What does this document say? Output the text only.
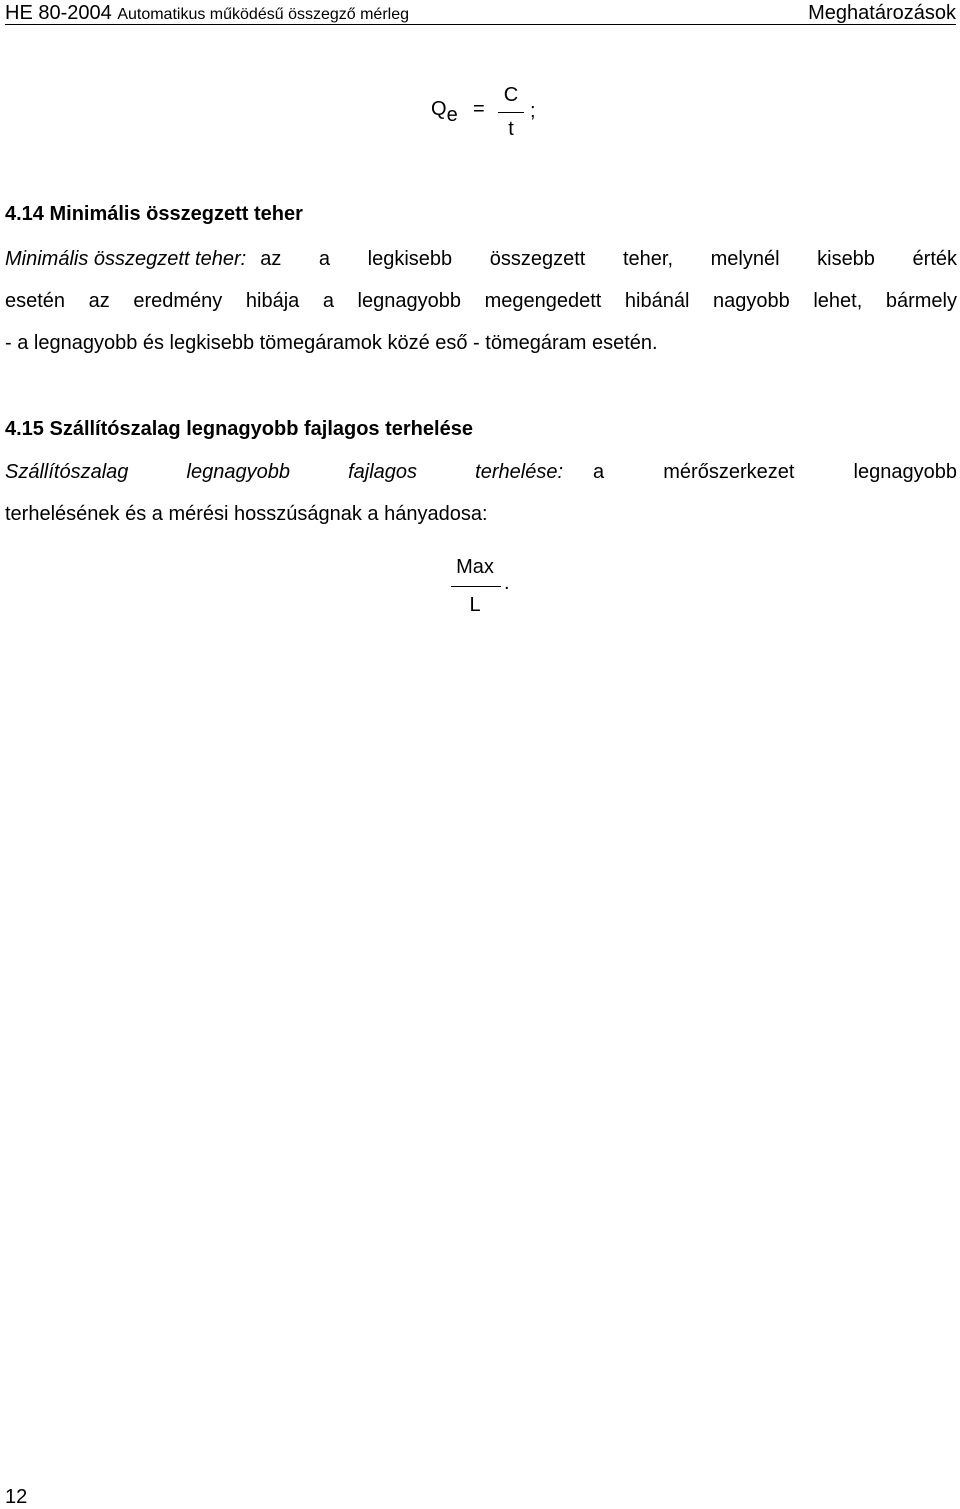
HE 80-2004 Automatikus működésű összegző mérleg	Meghatározások
$Q_e$ =
C
t
;
4.14 Minimális összegzett teher
Minimális összegzett teher: az a legkisebb összegzett teher, melynél kisebb érték
esetén az eredmény hibája a legnagyobb megengedett hibánál nagyobb lehet, bármely
- a legnagyobb és legkisebb tömegáramok közé eső - tömegáram esetén.
4.15 Szállítószalag legnagyobb fajlagos terhelése
Szállítószalag legnagyobb fajlagos terhelése: a mérőszerkezet legnagyobb
terhelésének és a mérési hosszúságnak a hányadosa:
Max
L
.
12
